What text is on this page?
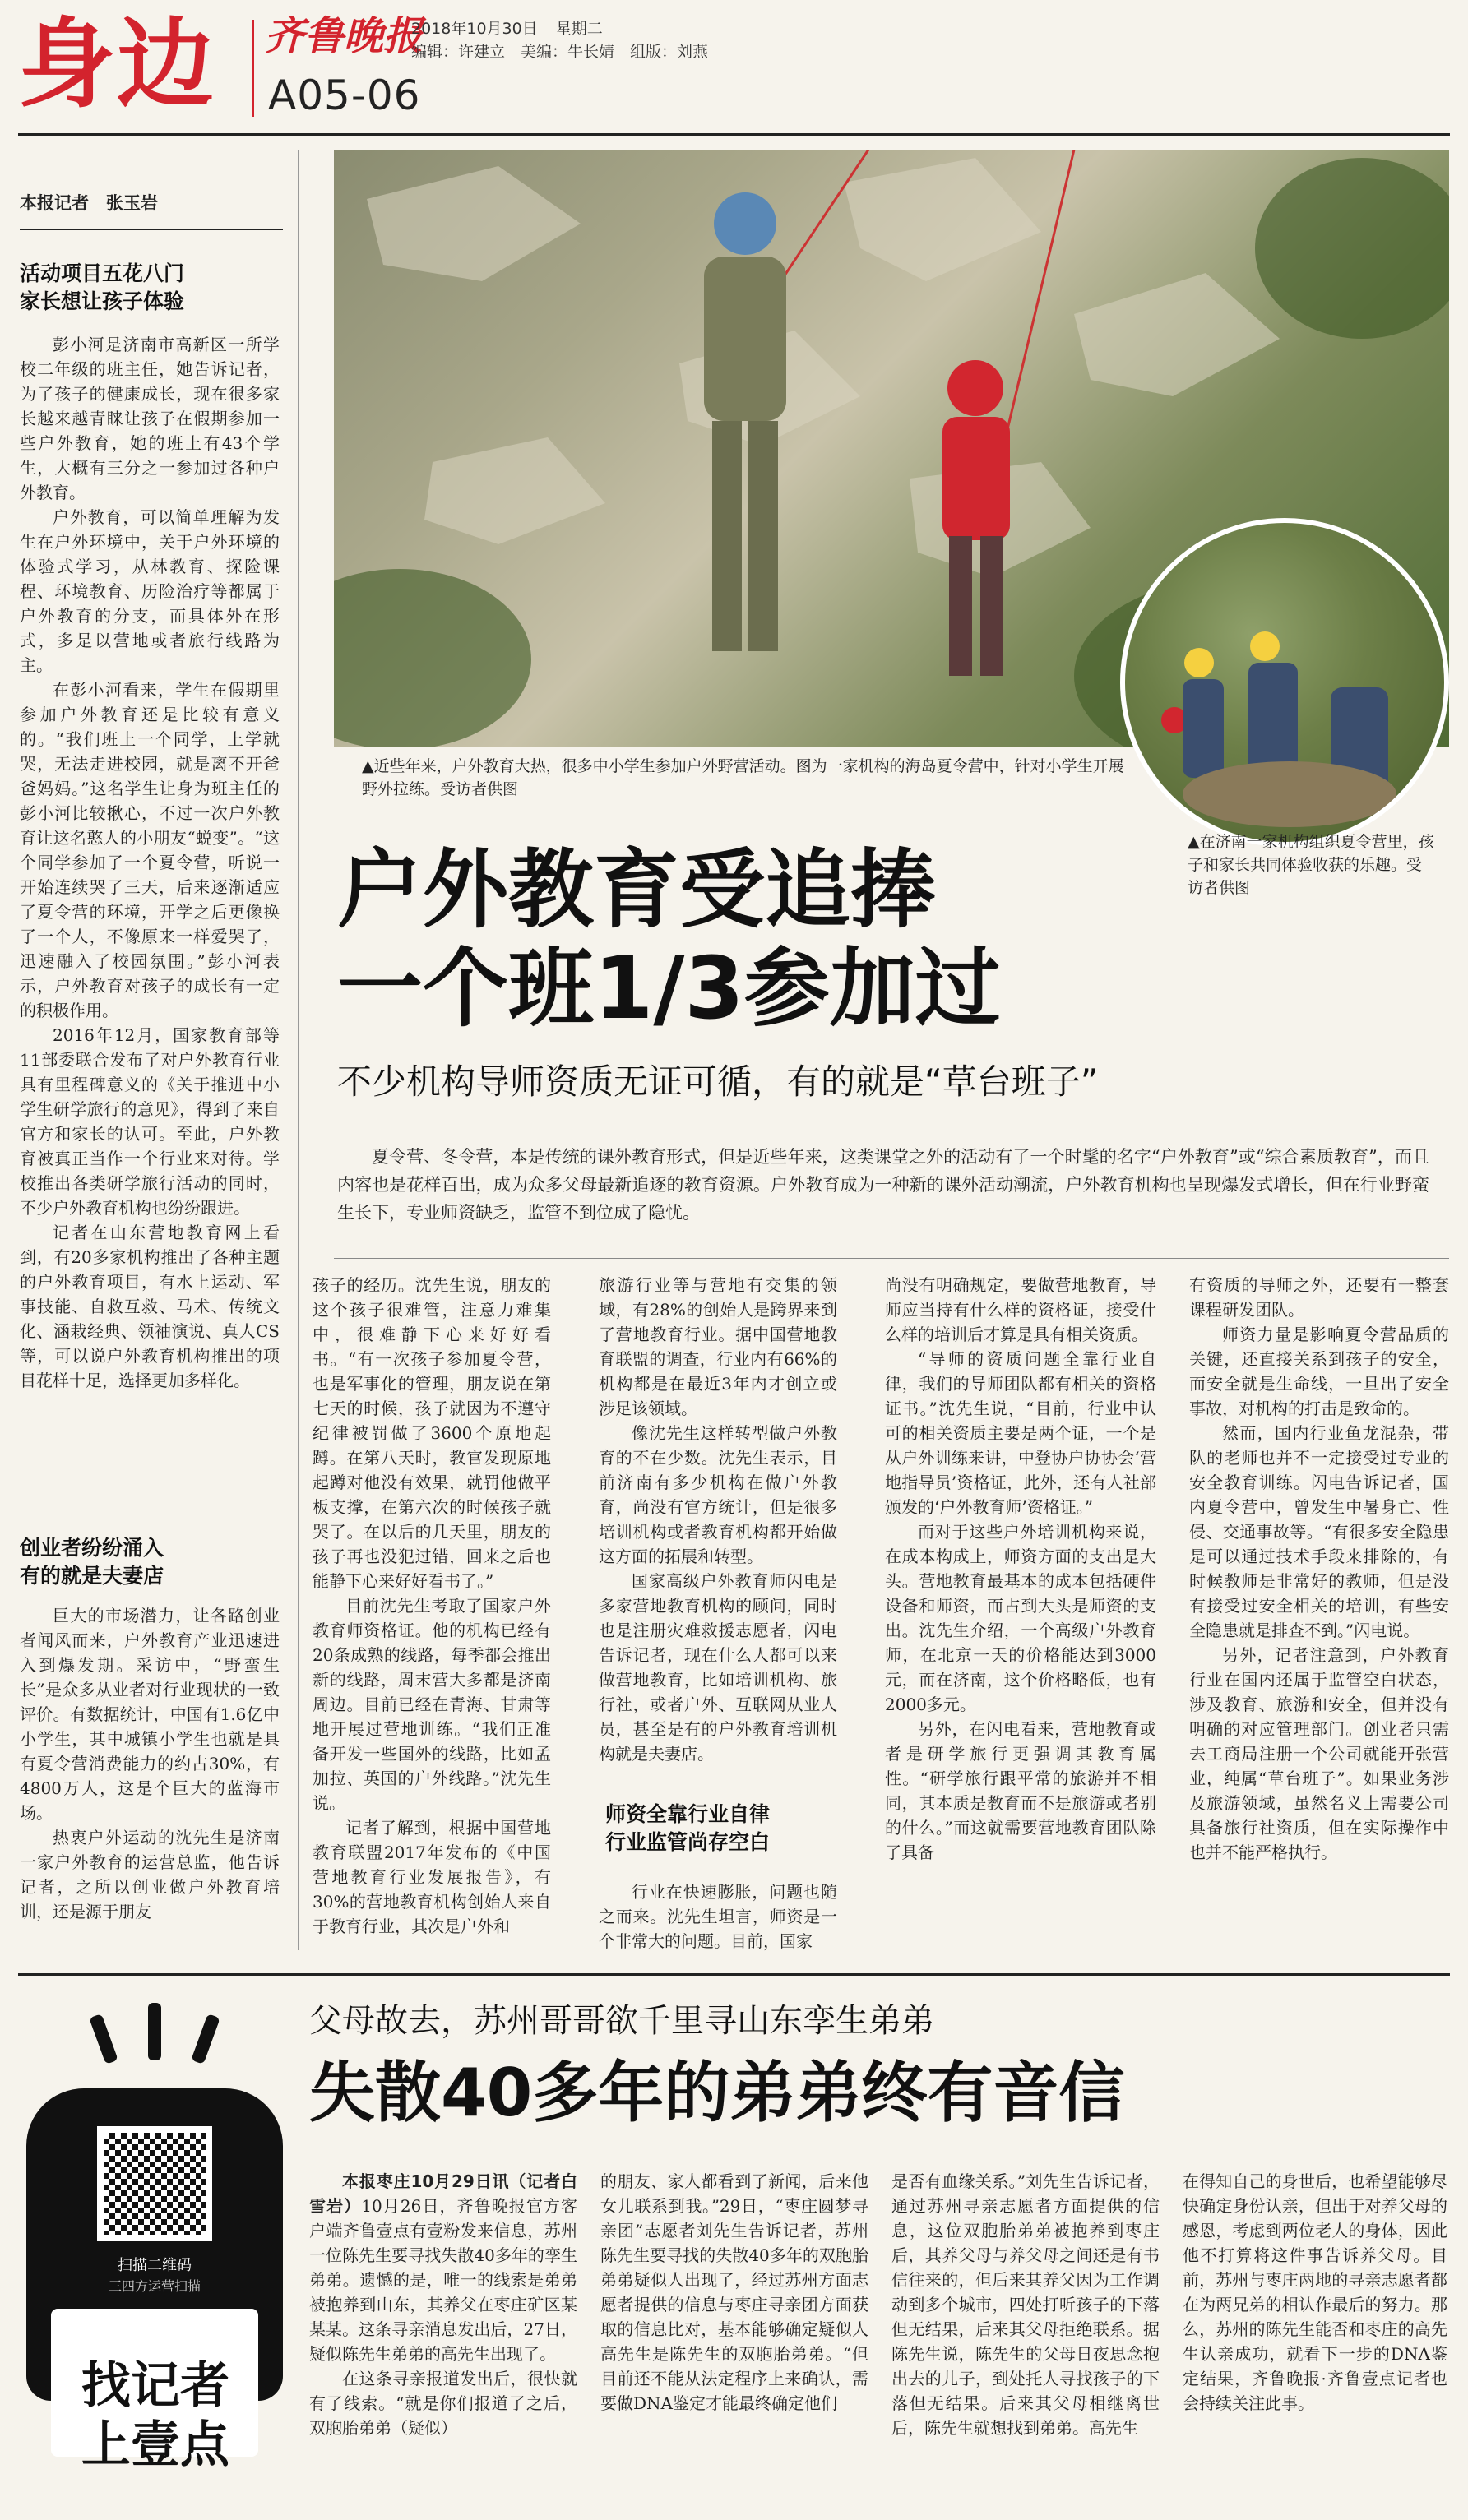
身边 齐鲁晚报
A05-06
2018年10月30日 星期二
编辑：许建立　美编：牛长婧　组版：刘燕
▲近些年来，户外教育大热，很多中小学生参加户外野营活动。图为一家机构的海岛夏令营中，针对小学生开展野外拉练。受访者供图
▲在济南一家机构组织夏令营里，孩子和家长共同体验收获的乐趣。受访者供图
本报记者　张玉岩
活动项目五花八门
家长想让孩子体验

彭小河是济南市高新区一所学校二年级的班主任，她告诉记者，为了孩子的健康成长，现在很多家长越来越青睐让孩子在假期参加一些户外教育，她的班上有43个学生，大概有三分之一参加过各种户外教育。

户外教育，可以简单理解为发生在户外环境中，关于户外环境的体验式学习，从林教育、探险课程、环境教育、历险治疗等都属于户外教育的分支，而具体外在形式，多是以营地或者旅行线路为主。

在彭小河看来，学生在假期里参加户外教育还是比较有意义的。“我们班上一个同学，上学就哭，无法走进校园，就是离不开爸爸妈妈。”这名学生让身为班主任的彭小河比较揪心，不过一次户外教育让这名憨人的小朋友“蜕变”。“这个同学参加了一个夏令营，听说一开始连续哭了三天，后来逐渐适应了夏令营的环境，开学之后更像换了一个人，不像原来一样爱哭了，迅速融入了校园氛围。”彭小河表示，户外教育对孩子的成长有一定的积极作用。

2016年12月，国家教育部等11部委联合发布了对户外教育行业具有里程碑意义的《关于推进中小学生研学旅行的意见》，得到了来自官方和家长的认可。至此，户外教育被真正当作一个行业来对待。学校推出各类研学旅行活动的同时，不少户外教育机构也纷纷跟进。

记者在山东营地教育网上看到，有20多家机构推出了各种主题的户外教育项目，有水上运动、军事技能、自救互救、马术、传统文化、涵栽经典、领袖演说、真人CS等，可以说户外教育机构推出的项目花样十足，选择更加多样化。

创业者纷纷涌入
有的就是夫妻店

巨大的市场潜力，让各路创业者闻风而来，户外教育产业迅速进入到爆发期。采访中，“野蛮生长”是众多从业者对行业现状的一致评价。有数据统计，中国有1.6亿中小学生，其中城镇小学生也就是具有夏令营消费能力的约占30%，有4800万人，这是个巨大的蓝海市场。

热衷户外运动的沈先生是济南一家户外教育的运营总监，他告诉记者，之所以创业做户外教育培训，还是源于朋友

户外教育受追捧
一个班1/3参加过
不少机构导师资质无证可循，有的就是“草台班子”

夏令营、冬令营，本是传统的课外教育形式，但是近些年来，这类课堂之外的活动有了一个时髦的名字“户外教育”或“综合素质教育”，而且内容也是花样百出，成为众多父母最新追逐的教育资源。户外教育成为一种新的课外活动潮流，户外教育机构也呈现爆发式增长，但在行业野蛮生长下，专业师资缺乏，监管不到位成了隐忧。

孩子的经历。沈先生说，朋友的这个孩子很难管，注意力难集中，很难静下心来好好看书。“有一次孩子参加夏令营，也是军事化的管理，朋友说在第七天的时候，孩子就因为不遵守纪律被罚做了3600个原地起蹲。在第八天时，教官发现原地起蹲对他没有效果，就罚他做平板支撑，在第六次的时候孩子就哭了。在以后的几天里，朋友的孩子再也没犯过错，回来之后也能静下心来好好看书了。”

目前沈先生考取了国家户外教育师资格证。他的机构已经有20条成熟的线路，每季都会推出新的线路，周末营大多都是济南周边。目前已经在青海、甘肃等地开展过营地训练。“我们正准备开发一些国外的线路，比如孟加拉、英国的户外线路。”沈先生说。

记者了解到，根据中国营地教育联盟2017年发布的《中国营地教育行业发展报告》，有30%的营地教育机构创始人来自于教育行业，其次是户外和

旅游行业等与营地有交集的领域，有28%的创始人是跨界来到了营地教育行业。据中国营地教育联盟的调查，行业内有66%的机构都是在最近3年内才创立或涉足该领域。

像沈先生这样转型做户外教育的不在少数。沈先生表示，目前济南有多少机构在做户外教育，尚没有官方统计，但是很多培训机构或者教育机构都开始做这方面的拓展和转型。

国家高级户外教育师闪电是多家营地教育机构的顾问，同时也是注册灾难救援志愿者，闪电告诉记者，现在什么人都可以来做营地教育，比如培训机构、旅行社，或者户外、互联网从业人员，甚至是有的户外教育培训机构就是夫妻店。

师资全靠行业自律
行业监管尚存空白

行业在快速膨胀，问题也随之而来。沈先生坦言，师资是一个非常大的问题。目前，国家

尚没有明确规定，要做营地教育，导师应当持有什么样的资格证，接受什么样的培训后才算是具有相关资质。

“导师的资质问题全靠行业自律，我们的导师团队都有相关的资格证书。”沈先生说，“目前，行业中认可的相关资质主要是两个证，一个是从户外训练来讲，中登协户协协会‘营地指导员’资格证，此外，还有人社部颁发的‘户外教育师’资格证。”

而对于这些户外培训机构来说，在成本构成上，师资方面的支出是大头。营地教育最基本的成本包括硬件设备和师资，而占到大头是师资的支出。沈先生介绍，一个高级户外教育师，在北京一天的价格能达到3000元，而在济南，这个价格略低，也有2000多元。

另外，在闪电看来，营地教育或者是研学旅行更强调其教育属性。“研学旅行跟平常的旅游并不相同，其本质是教育而不是旅游或者别的什么。”而这就需要营地教育团队除了具备

有资质的导师之外，还要有一整套课程研发团队。

师资力量是影响夏令营品质的关键，还直接关系到孩子的安全，而安全就是生命线，一旦出了安全事故，对机构的打击是致命的。

然而，国内行业鱼龙混杂，带队的老师也并不一定接受过专业的安全教育训练。闪电告诉记者，国内夏令营中，曾发生中暑身亡、性侵、交通事故等。“有很多安全隐患是可以通过技术手段来排除的，有时候教师是非常好的教师，但是没有接受过安全相关的培训，有些安全隐患就是排查不到。”闪电说。

另外，记者注意到，户外教育行业在国内还属于监管空白状态，涉及教育、旅游和安全，但并没有明确的对应管理部门。创业者只需去工商局注册一个公司就能开张营业，纯属“草台班子”。如果业务涉及旅游领域，虽然名义上需要公司具备旅行社资质，但在实际操作中也并不能严格执行。

扫描二维码
三四方运营扫描
找记者
上壹点
父母故去，苏州哥哥欲千里寻山东孪生弟弟
失散40多年的弟弟终有音信

本报枣庄10月29日讯（记者白雪岩）10月26日，齐鲁晚报官方客户端齐鲁壹点有壹粉发来信息，苏州一位陈先生要寻找失散40多年的孪生弟弟。遗憾的是，唯一的线索是弟弟被抱养到山东，其养父在枣庄矿区某某某。这条寻亲消息发出后，27日，疑似陈先生弟弟的高先生出现了。

在这条寻亲报道发出后，很快就有了线索。“就是你们报道了之后，双胞胎弟弟（疑似）

的朋友、家人都看到了新闻，后来他女儿联系到我。”29日，“枣庄圆梦寻亲团”志愿者刘先生告诉记者，苏州陈先生要寻找的失散40多年的双胞胎弟弟疑似人出现了，经过苏州方面志愿者提供的信息与枣庄寻亲团方面获取的信息比对，基本能够确定疑似人高先生是陈先生的双胞胎弟弟。“但目前还不能从法定程序上来确认，需要做DNA鉴定才能最终确定他们

是否有血缘关系。”刘先生告诉记者，通过苏州寻亲志愿者方面提供的信息，这位双胞胎弟弟被抱养到枣庄后，其养父母与养父母之间还是有书信往来的，但后来其养父因为工作调动到多个城市，四处打听孩子的下落但无结果，后来其父母拒绝联系。据陈先生说，陈先生的父母日夜思念抱出去的儿子，到处托人寻找孩子的下落但无结果。后来其父母相继离世后，陈先生就想找到弟弟。高先生

在得知自己的身世后，也希望能够尽快确定身份认亲，但出于对养父母的感恩，考虑到两位老人的身体，因此他不打算将这件事告诉养父母。目前，苏州与枣庄两地的寻亲志愿者都在为两兄弟的相认作最后的努力。那么，苏州的陈先生能否和枣庄的高先生认亲成功，就看下一步的DNA鉴定结果，齐鲁晚报·齐鲁壹点记者也会持续关注此事。
